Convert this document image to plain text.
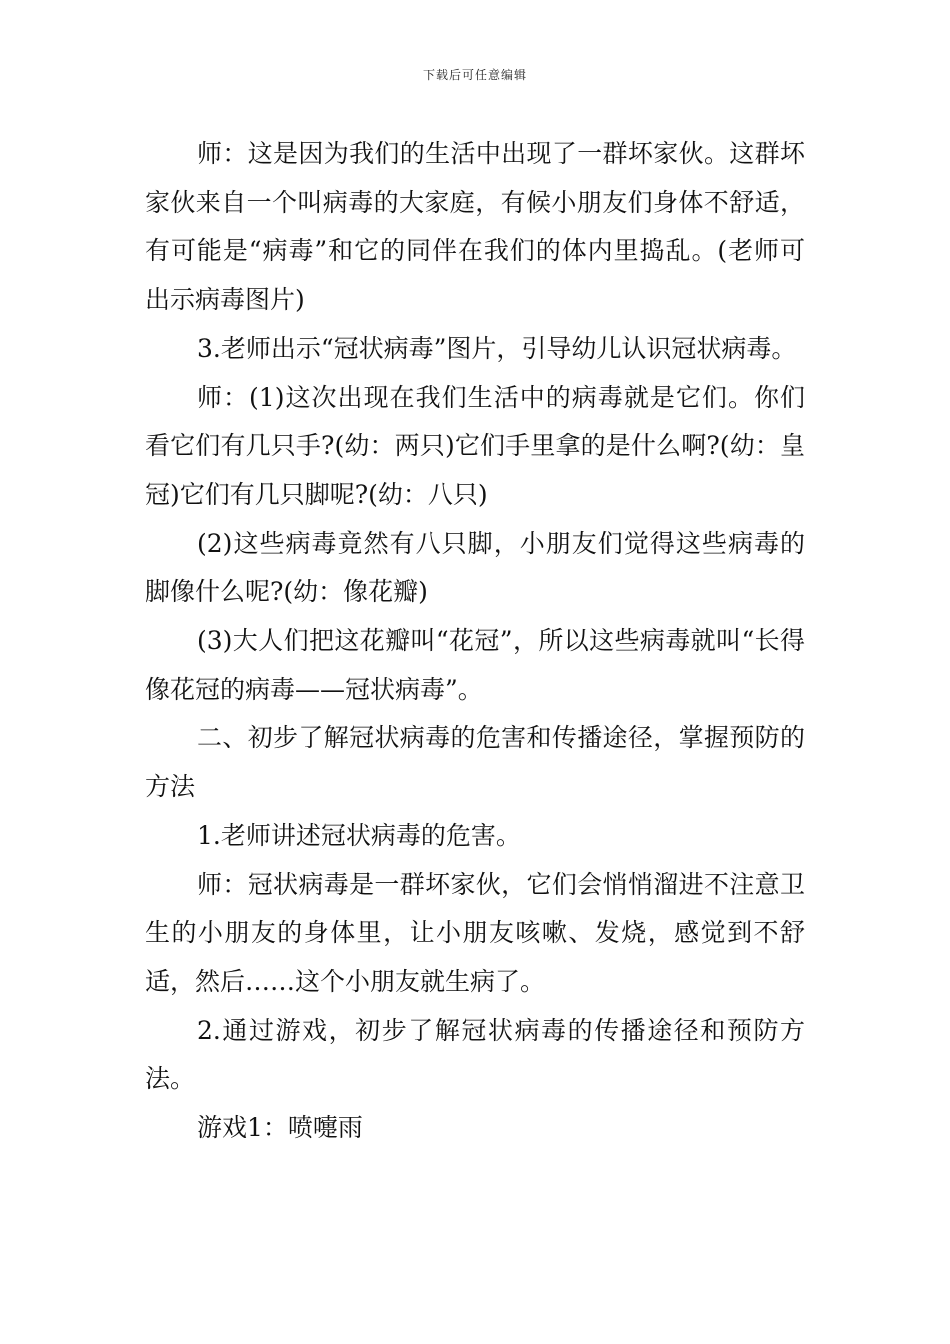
下载后可任意编辑

师：这是因为我们的生活中出现了一群坏家伙。这群坏家伙来自一个叫病毒的大家庭，有候小朋友们身体不舒适，有可能是“病毒”和它的同伴在我们的体内里捣乱。(老师可出示病毒图片)

3.老师出示“冠状病毒”图片，引导幼儿认识冠状病毒。

师：(1)这次出现在我们生活中的病毒就是它们。你们看它们有几只手?(幼：两只)它们手里拿的是什么啊?(幼：皇冠)它们有几只脚呢?(幼：八只)

(2)这些病毒竟然有八只脚，小朋友们觉得这些病毒的脚像什么呢?(幼：像花瓣)

(3)大人们把这花瓣叫“花冠”，所以这些病毒就叫“长得像花冠的病毒——冠状病毒”。

二、初步了解冠状病毒的危害和传播途径，掌握预防的方法

1.老师讲述冠状病毒的危害。

师：冠状病毒是一群坏家伙，它们会悄悄溜进不注意卫生的小朋友的身体里，让小朋友咳嗽、发烧，感觉到不舒适，然后……这个小朋友就生病了。

2.通过游戏，初步了解冠状病毒的传播途径和预防方法。

游戏1：喷嚏雨
